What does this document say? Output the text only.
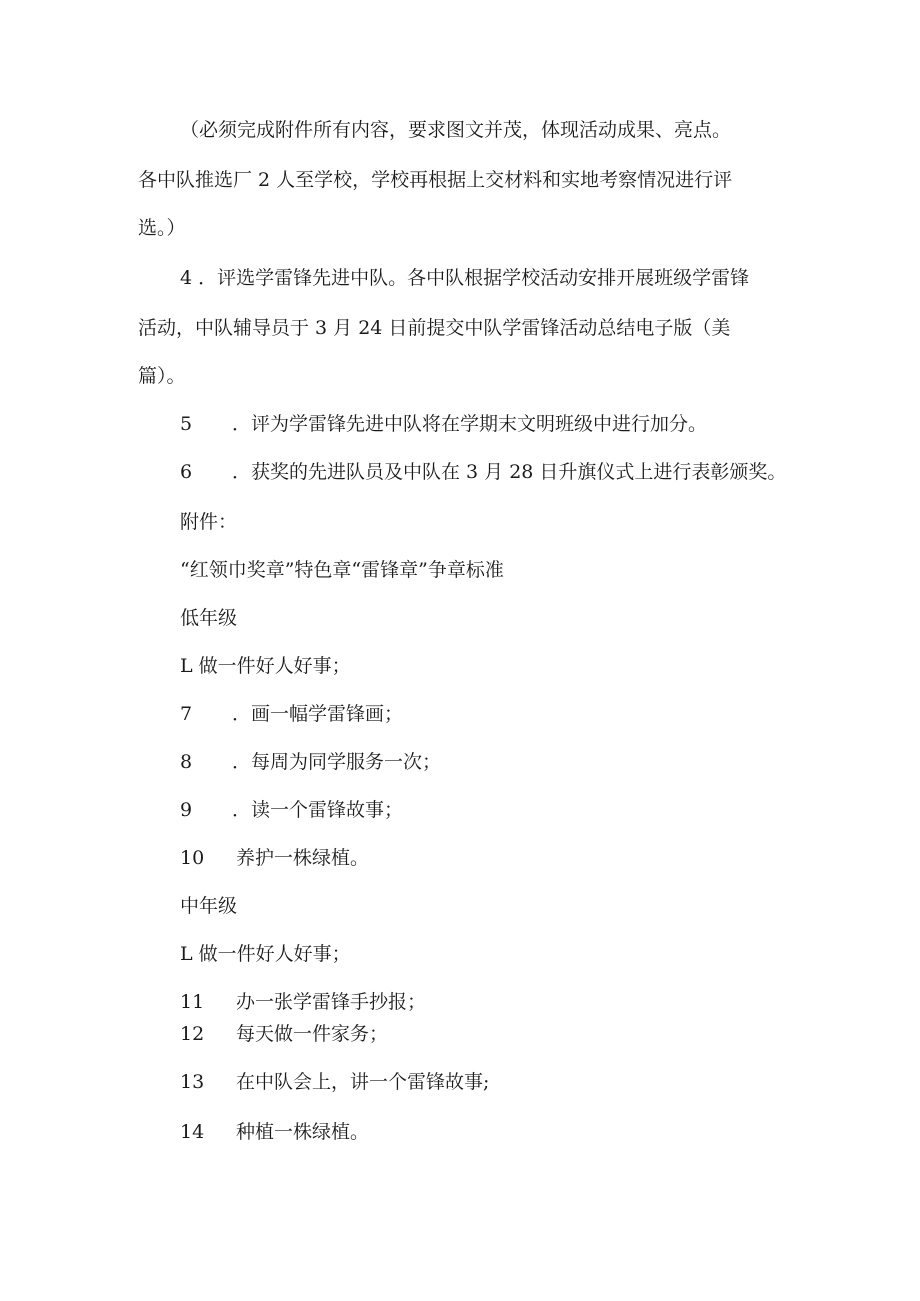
（必须完成附件所有内容，要求图文并茂，体现活动成果、亮点。
各中队推选厂 2 人至学校，学校再根据上交材料和实地考察情况进行评
选。）
4 ．评选学雷锋先进中队。各中队根据学校活动安排开展班级学雷锋
活动，中队辅导员于 3 月 24 日前提交中队学雷锋活动总结电子版（美
篇）。
5 ．评为学雷锋先进中队将在学期末文明班级中进行加分。
6 ．获奖的先进队员及中队在 3 月 28 日升旗仪式上进行表彰颁奖。
附件：
“红领巾奖章”特色章“雷锋章”争章标准
低年级
L 做一件好人好事；
7 ．画一幅学雷锋画；
8 ．每周为同学服务一次；
9 ．读一个雷锋故事；
10 养护一株绿植。
中年级
L 做一件好人好事；
11 办一张学雷锋手抄报；
12 每天做一件家务；
13 在中队会上，讲一个雷锋故事;
14 种植一株绿植。
